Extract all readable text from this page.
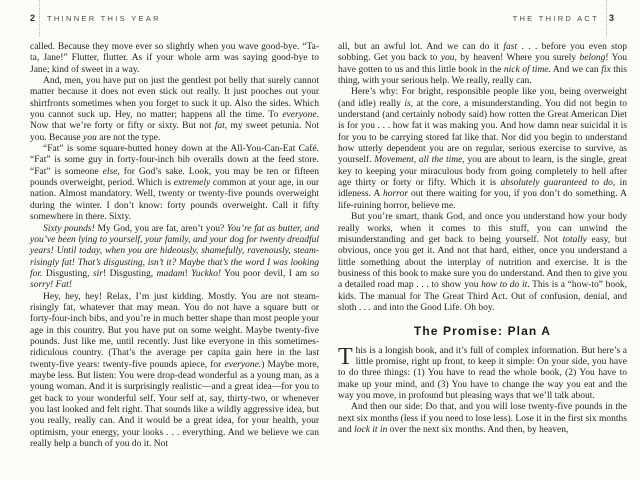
2 THINNER THIS YEAR

called. Because they move ever so slightly when you wave good-bye. “Ta-ta, Jane!” Flutter, flutter. As if your whole arm was saying good-bye to Jane; kind of sweet in a way.

And, men, you have put on just the gentlest pot belly that surely cannot matter because it does not even stick out really. It just pooches out your shirtfronts sometimes when you forget to suck it up. Also the sides. Which you cannot suck up. Hey, no matter; happens all the time. To everyone. Now that we’re forty or fifty or sixty. But not fat, my sweet petunia. Not you. Because you are not the type.

“Fat” is some square-butted honey down at the All-You-Can-Eat Café. “Fat” is some guy in forty-four-inch bib overalls down at the feed store. “Fat” is someone else, for God’s sake. Look, you may be ten or fifteen pounds overweight, period. Which is extremely common at your age, in our nation. Almost mandatory. Well, twenty or twenty-five pounds overweight during the winter. I don’t know: forty pounds overweight. Call it fifty somewhere in there. Sixty.

Sixty pounds! My God, you are fat, aren’t you? You’re fat as butter, and you’ve been lying to yourself, your family, and your dog for twenty dreadful years! Until today, when you are hideously, shamefully, ravenously, steam-risingly fat! That’s disgusting, isn’t it? Maybe that’s the word I was looking for. Disgusting, sir! Disgusting, madam! Yuckko! You poor devil, I am so sorry! Fat!

Hey, hey, hey! Relax, I’m just kidding. Mostly. You are not steam-risingly fat, whatever that may mean. You do not have a square butt or forty-four-inch bibs, and you’re in much better shape than most people your age in this country. But you have put on some weight. Maybe twenty-five pounds. Just like me, until recently. Just like everyone in this sometimes-ridiculous country. (That’s the average per capita gain here in the last twenty-five years: twenty-five pounds apiece, for everyone.) Maybe more, maybe less. But listen: You were drop-dead wonderful as a young man, as a young woman. And it is surprisingly realistic—and a great idea—for you to get back to your wonderful self. Your self at, say, thirty-two, or whenever you last looked and felt right. That sounds like a wildly aggressive idea, but you really, really can. And it would be a great idea, for your health, your optimism, your energy, your looks . . . everything. And we believe we can really help a bunch of you do it. Not

3
THE THIRD ACT

all, but an awful lot. And we can do it fast . . . before you even stop sobbing. Get you back to you, by heaven! Where you surely belong! You have gotten to us and this little book in the nick of time. And we can fix this thing, with your serious help. We really, really can.

Here’s why: For bright, responsible people like you, being overweight (and idle) really is, at the core, a misunderstanding. You did not begin to understand (and certainly nobody said) how rotten the Great American Diet is for you . . . how fat it was making you. And how damn near suicidal it is for you to be carrying stored fat like that. Nor did you begin to understand how utterly dependent you are on regular, serious exercise to survive, as yourself. Movement, all the time, you are about to learn, is the single, great key to keeping your miraculous body from going completely to hell after age thirty or forty or fifty. Which it is absolutely guaranteed to do, in idleness. A horror out there waiting for you, if you don’t do something. A life-ruining horror, believe me.

But you’re smart, thank God, and once you understand how your body really works, when it comes to this stuff, you can unwind the misunderstanding and get back to being yourself. Not totally easy, but obvious, once you get it. And not that hard, either, once you understand a little something about the interplay of nutrition and exercise. It is the business of this book to make sure you do understand. And then to give you a detailed road map . . . to show you how to do it. This is a “how-to” book, kids. The manual for The Great Third Act. Out of confusion, denial, and sloth . . . and into the Good Life. Oh boy.

The Promise: Plan A

This is a longish book, and it’s full of complex information. But here’s a little promise, right up front, to keep it simple: On your side, you have to do three things: (1) You have to read the whole book, (2) You have to make up your mind, and (3) You have to change the way you eat and the way you move, in profound but pleasing ways that we’ll talk about.

And then our side: Do that, and you will lose twenty-five pounds in the next six months (less if you need to lose less). Lose it in the first six months and lock it in over the next six months. And then, by heaven,
